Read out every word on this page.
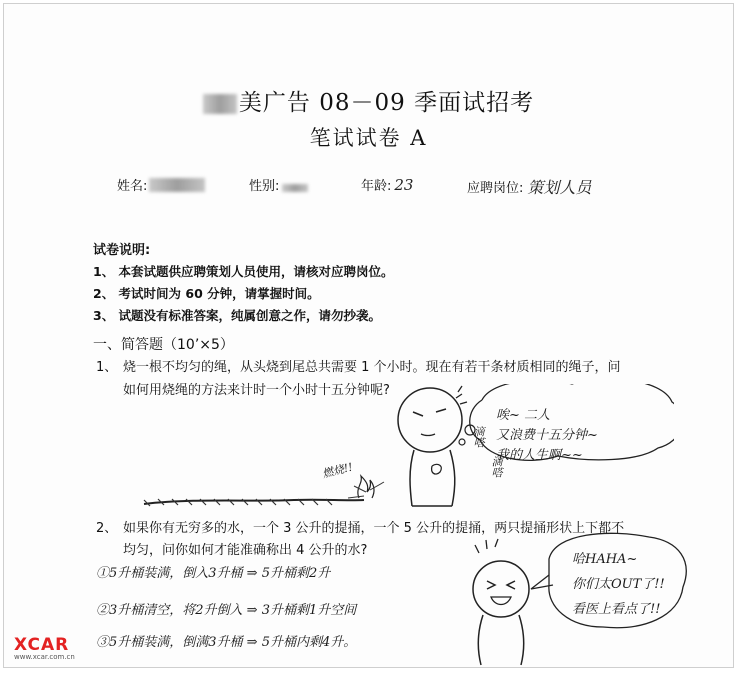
美广告 08－09 季面试招考
笔试试卷 A
姓名:	性别:	年龄: 23	应聘岗位: 策划人员
试卷说明:
1、 本套试题供应聘策划人员使用，请核对应聘岗位。
2、 考试时间为 60 分钟，请掌握时间。
3、 试题没有标准答案，纯属创意之作，请勿抄袭。
一、简答题（10’×5）
1、 烧一根不均匀的绳，从头烧到尾总共需要 1 个小时。现在有若干条材质相同的绳子，问
如何用烧绳的方法来计时一个小时十五分钟呢?
唉~ 二人
又浪费十五分钟~
我的人生啊~~
滴嗒
滴嗒
燃烧!!
2、 如果你有无穷多的水，一个 3 公升的提捅，一个 5 公升的提捅，两只提捅形状上下都不
均匀，问你如何才能准确称出 4 公升的水?
①5升桶装满，倒入3升桶 ⇒ 5升桶剩2升
②3升桶清空，将2升倒入 ⇒ 3升桶剩1升空间
③5升桶装满，倒满3升桶 ⇒ 5升桶内剩4升。
哈HAHA~
你们太OUT了!!
看医上看点了!!
XCAR
www.xcar.com.cn
